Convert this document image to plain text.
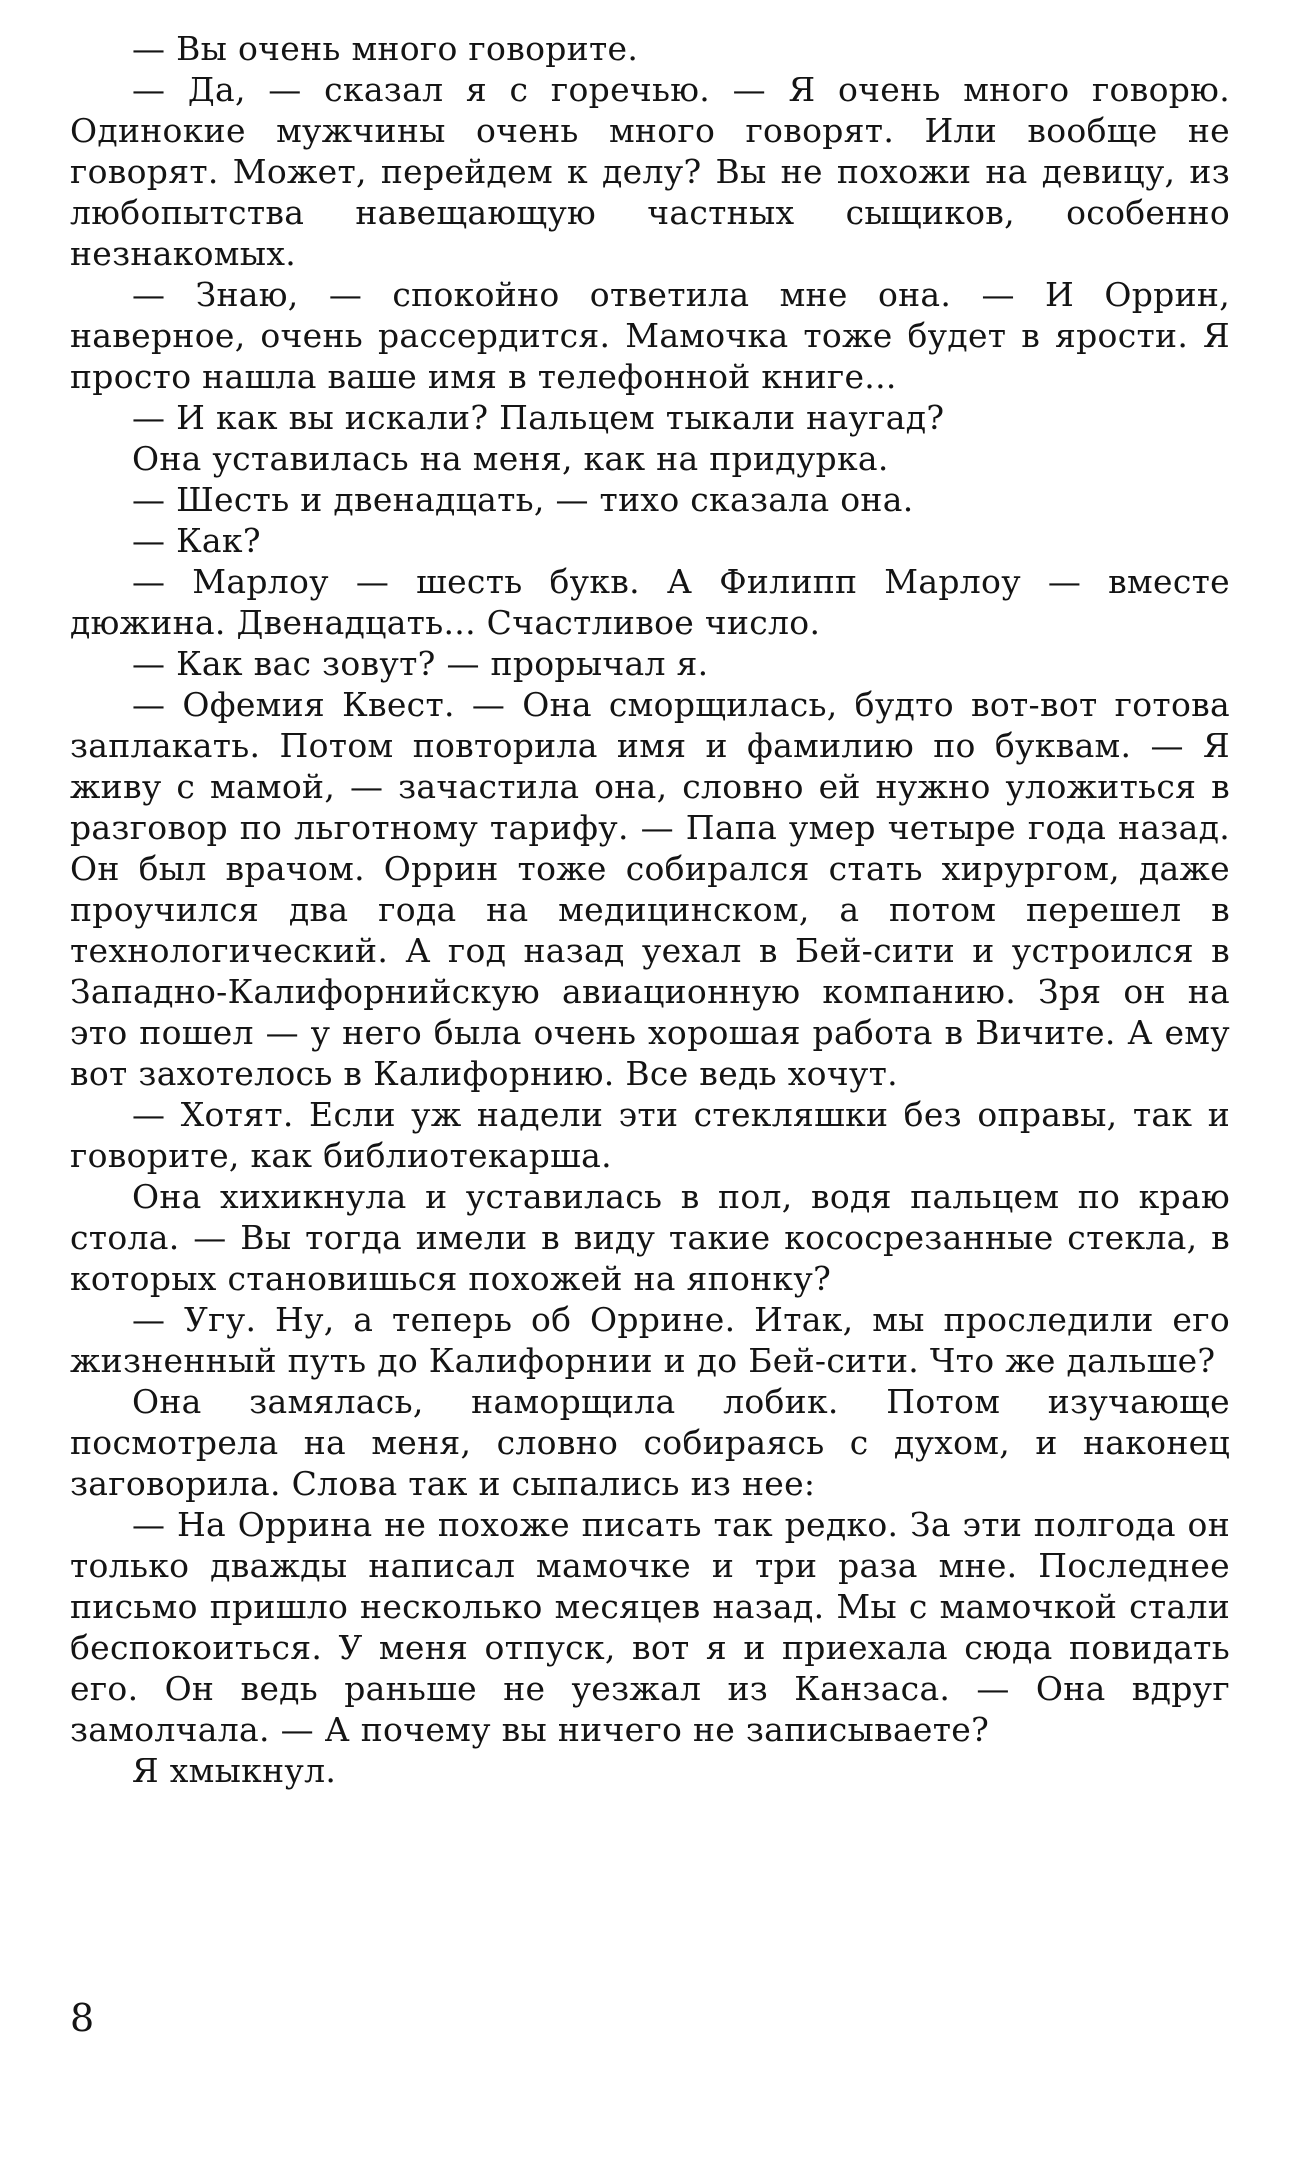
— Вы очень много говорите.

— Да, — сказал я с горечью. — Я очень много говорю. Одинокие мужчины очень много говорят. Или вообще не говорят. Может, перейдем к делу? Вы не похожи на девицу, из любопытства навещающую частных сыщиков, особенно незнакомых.

— Знаю, — спокойно ответила мне она. — И Оррин, наверное, очень рассердится. Мамочка тоже будет в ярости. Я просто нашла ваше имя в телефонной книге...

— И как вы искали? Пальцем тыкали наугад?

Она уставилась на меня, как на придурка.

— Шесть и двенадцать, — тихо сказала она.

— Как?

— Марлоу — шесть букв. А Филипп Марлоу — вместе дюжина. Двенадцать... Счастливое число.

— Как вас зовут? — прорычал я.

— Офемия Квест. — Она сморщилась, будто вот-вот готова заплакать. Потом повторила имя и фамилию по буквам. — Я живу с мамой, — зачастила она, словно ей нужно уложиться в разговор по льготному тарифу. — Папа умер четыре года назад. Он был врачом. Оррин тоже собирался стать хирургом, даже проучился два года на медицинском, а потом перешел в технологический. А год назад уехал в Бей-сити и устроился в Западно-Калифорнийскую авиационную компанию. Зря он на это пошел — у него была очень хорошая работа в Вичите. А ему вот захотелось в Калифорнию. Все ведь хочут.

— Хотят. Если уж надели эти стекляшки без оправы, так и говорите, как библиотекарша.

Она хихикнула и уставилась в пол, водя пальцем по краю стола. — Вы тогда имели в виду такие кососрезанные стекла, в которых становишься похожей на японку?

— Угу. Ну, а теперь об Оррине. Итак, мы проследили его жизненный путь до Калифорнии и до Бей-сити. Что же дальше?

Она замялась, наморщила лобик. Потом изучающе посмотрела на меня, словно собираясь с духом, и наконец заговорила. Слова так и сыпались из нее:

— На Оррина не похоже писать так редко. За эти полгода он только дважды написал мамочке и три раза мне. Последнее письмо пришло несколько месяцев назад. Мы с мамочкой стали беспокоиться. У меня отпуск, вот я и приехала сюда повидать его. Он ведь раньше не уезжал из Канзаса. — Она вдруг замолчала. — А почему вы ничего не записываете?

Я хмыкнул.

8
